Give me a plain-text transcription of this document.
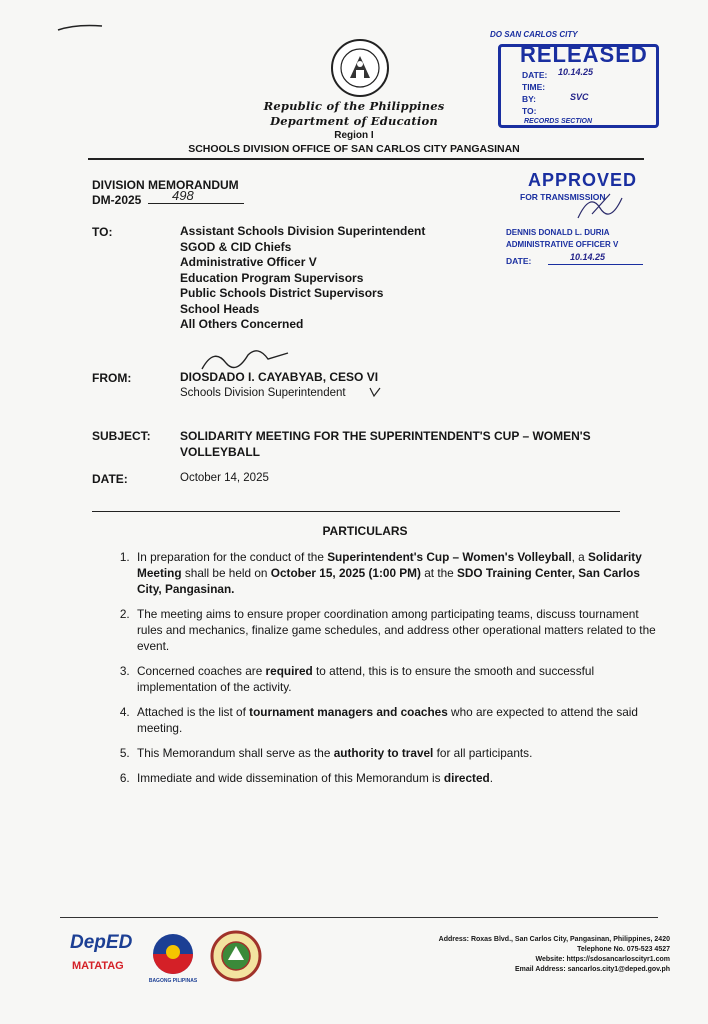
Republic of the Philippines
Department of Education
Region I
SCHOOLS DIVISION OFFICE OF SAN CARLOS CITY PANGASINAN
DO SAN CARLOS CITY
RELEASED
DATE: 10.14.25
TIME:
BY:	SVC
TO:
RECORDS SECTION
DIVISION MEMORANDUM
DM-2025 498
APPROVED
FOR TRANSMISSION
DENNIS DONALD L. DURIA
ADMINISTRATIVE OFFICER V
DATE:	10.14.25
TO:	Assistant Schools Division Superintendent
SGOD & CID Chiefs
Administrative Officer V
Education Program Supervisors
Public Schools District Supervisors
School Heads
All Others Concerned
FROM:	DIOSDADO I. CAYABYAB, CESO VI
Schools Division Superintendent
SUBJECT: SOLIDARITY MEETING FOR THE SUPERINTENDENT'S CUP – WOMEN'S VOLLEYBALL
DATE:	October 14, 2025
PARTICULARS
1. In preparation for the conduct of the Superintendent's Cup – Women's Volleyball, a Solidarity Meeting shall be held on October 15, 2025 (1:00 PM) at the SDO Training Center, San Carlos City, Pangasinan.
2. The meeting aims to ensure proper coordination among participating teams, discuss tournament rules and mechanics, finalize game schedules, and address other operational matters related to the event.
3. Concerned coaches are required to attend, this is to ensure the smooth and successful implementation of the activity.
4. Attached is the list of tournament managers and coaches who are expected to attend the said meeting.
5. This Memorandum shall serve as the authority to travel for all participants.
6. Immediate and wide dissemination of this Memorandum is directed.
DepED
MATATAG
BAGONG PILIPINAS
Address: Roxas Blvd., San Carlos City, Pangasinan, Philippines, 2420
Telephone No. 075-523 4527
Website: https://sdosancarloscityr1.com
Email Address: sancarlos.city1@deped.gov.ph
